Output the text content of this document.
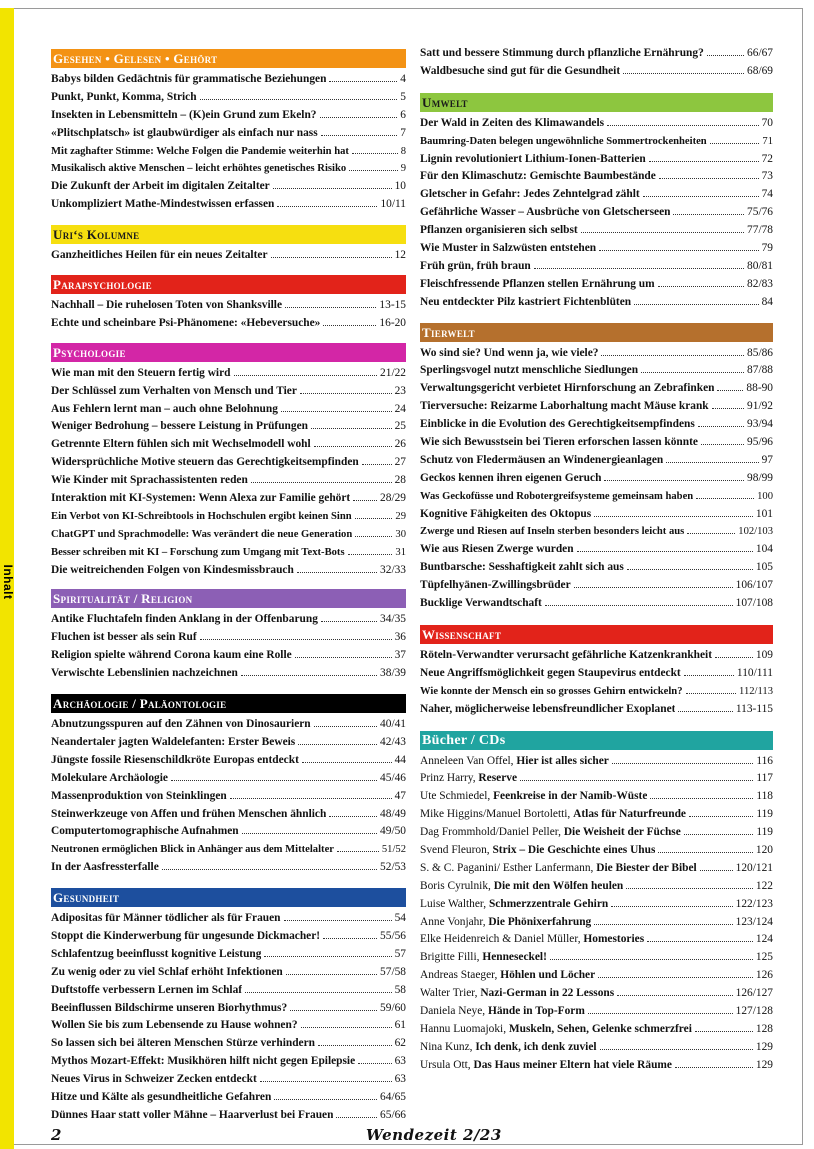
Inhalt
Gesehen • Gelesen • Gehört
Babys bilden Gedächtnis für grammatische Beziehungen	4
Punkt, Punkt, Komma, Strich	5
Insekten in Lebensmitteln – (K)ein Grund zum Ekeln?	6
«Plitschplatsch» ist glaubwürdiger als einfach nur nass	7
Mit zaghafter Stimme: Welche Folgen die Pandemie weiterhin hat	8
Musikalisch aktive Menschen – leicht erhöhtes genetisches Risiko	9
Die Zukunft der Arbeit im digitalen Zeitalter	10
Unkompliziert Mathe-Mindestwissen erfassen	10/11
Uri‘s Kolumne
Ganzheitliches Heilen für ein neues Zeitalter	12
Parapsychologie
Nachhall – Die ruhelosen Toten von Shanksville	13-15
Echte und scheinbare Psi-Phänomene: «Hebeversuche»	16-20
Psychologie
Wie man mit den Steuern fertig wird	21/22
Der Schlüssel zum Verhalten von Mensch und Tier	23
Aus Fehlern lernt man – auch ohne Belohnung	24
Weniger Bedrohung – bessere Leistung in Prüfungen	25
Getrennte Eltern fühlen sich mit Wechselmodell wohl	26
Widersprüchliche Motive steuern das Gerechtigkeitsempfinden	27
Wie Kinder mit Sprachassistenten reden	28
Interaktion mit KI-Systemen: Wenn Alexa zur Familie gehört	28/29
Ein Verbot von KI-Schreibtools in Hochschulen ergibt keinen Sinn	29
ChatGPT und Sprachmodelle: Was verändert die neue Generation	30
Besser schreiben mit KI – Forschung zum Umgang mit Text-Bots	31
Die weitreichenden Folgen von Kindesmissbrauch	32/33
Spiritualität / Religion
Antike Fluchtafeln finden Anklang in der Offenbarung	34/35
Fluchen ist besser als sein Ruf	36
Religion spielte während Corona kaum eine Rolle	37
Verwischte Lebenslinien nachzeichnen	38/39
Archäologie / Paläontologie
Abnutzungsspuren auf den Zähnen von Dinosauriern	40/41
Neandertaler jagten Waldelefanten: Erster Beweis	42/43
Jüngste fossile Riesenschildkröte Europas entdeckt	44
Molekulare Archäologie	45/46
Massenproduktion von Steinklingen	47
Steinwerkzeuge von Affen und frühen Menschen ähnlich	48/49
Computertomographische Aufnahmen	49/50
Neutronen ermöglichen Blick in Anhänger aus dem Mittelalter	51/52
In der Aasfressterfalle	52/53
Gesundheit
Adipositas für Männer tödlicher als für Frauen	54
Stoppt die Kinderwerbung für ungesunde Dickmacher!	55/56
Schlafentzug beeinflusst kognitive Leistung	57
Zu wenig oder zu viel Schlaf erhöht Infektionen	57/58
Duftstoffe verbessern Lernen im Schlaf	58
Beeinflussen Bildschirme unseren Biorhythmus?	59/60
Wollen Sie bis zum Lebensende zu Hause wohnen?	61
So lassen sich bei älteren Menschen Stürze verhindern	62
Mythos Mozart-Effekt: Musikhören hilft nicht gegen Epilepsie	63
Neues Virus in Schweizer Zecken entdeckt	63
Hitze und Kälte als gesundheitliche Gefahren	64/65
Dünnes Haar statt voller Mähne – Haarverlust bei Frauen	65/66
Satt und bessere Stimmung durch pflanzliche Ernährung?	66/67
Waldbesuche sind gut für die Gesundheit	68/69
Umwelt
Der Wald in Zeiten des Klimawandels	70
Baumring-Daten belegen ungewöhnliche Sommertrockenheiten	71
Lignin revolutioniert Lithium-Ionen-Batterien	72
Für den Klimaschutz: Gemischte Baumbestände	73
Gletscher in Gefahr: Jedes Zehntelgrad zählt	74
Gefährliche Wasser – Ausbrüche von Gletscherseen	75/76
Pflanzen organisieren sich selbst	77/78
Wie Muster in Salzwüsten entstehen	79
Früh grün, früh braun	80/81
Fleischfressende Pflanzen stellen Ernährung um	82/83
Neu entdeckter Pilz kastriert Fichtenblüten	84
Tierwelt
Wo sind sie? Und wenn ja, wie viele?	85/86
Sperlingsvogel nutzt menschliche Siedlungen	87/88
Verwaltungsgericht verbietet Hirnforschung an Zebrafinken	88-90
Tierversuche: Reizarme Laborhaltung macht Mäuse krank	91/92
Einblicke in die Evolution des Gerechtigkeitsempfindens	93/94
Wie sich Bewusstsein bei Tieren erforschen lassen könnte	95/96
Schutz von Fledermäusen an Windenergieanlagen	97
Geckos kennen ihren eigenen Geruch	98/99
Was Geckofüsse und Robotergreifsysteme gemeinsam haben	100
Kognitive Fähigkeiten des Oktopus	101
Zwerge und Riesen auf Inseln sterben besonders leicht aus	102/103
Wie aus Riesen Zwerge wurden	104
Buntbarsche: Sesshaftigkeit zahlt sich aus	105
Tüpfelhyänen-Zwillingsbrüder	106/107
Bucklige Verwandtschaft	107/108
Wissenschaft
Röteln-Verwandter verursacht gefährliche Katzenkrankheit	109
Neue Angriffsmöglichkeit gegen Staupevirus entdeckt	110/111
Wie konnte der Mensch ein so grosses Gehirn entwickeln?	112/113
Naher, möglicherweise lebensfreundlicher Exoplanet	113-115
Bücher / CDs
Anneleen Van Offel, Hier ist alles sicher	116
Prinz Harry, Reserve	117
Ute Schmiedel, Feenkreise in der Namib-Wüste	118
Mike Higgins/Manuel Bortoletti, Atlas für Naturfreunde	119
Dag Frommhold/Daniel Peller, Die Weisheit der Füchse	119
Svend Fleuron, Strix – Die Geschichte eines Uhus	120
S. & C. Paganini/ Esther Lanfermann, Die Biester der Bibel	120/121
Boris Cyrulnik, Die mit den Wölfen heulen	122
Luise Walther, Schmerzzentrale Gehirn	122/123
Anne Vonjahr, Die Phönixerfahrung	123/124
Elke Heidenreich & Daniel Müller, Homestories	124
Brigitte Filli, Henneseckel!	125
Andreas Staeger, Höhlen und Löcher	126
Walter Trier, Nazi-German in 22 Lessons	126/127
Daniela Neye, Hände in Top-Form	127/128
Hannu Luomajoki, Muskeln, Sehen, Gelenke schmerzfrei	128
Nina Kunz, Ich denk, ich denk zuviel	129
Ursula Ott, Das Haus meiner Eltern hat viele Räume	129
2	Wendezeit 2/23
